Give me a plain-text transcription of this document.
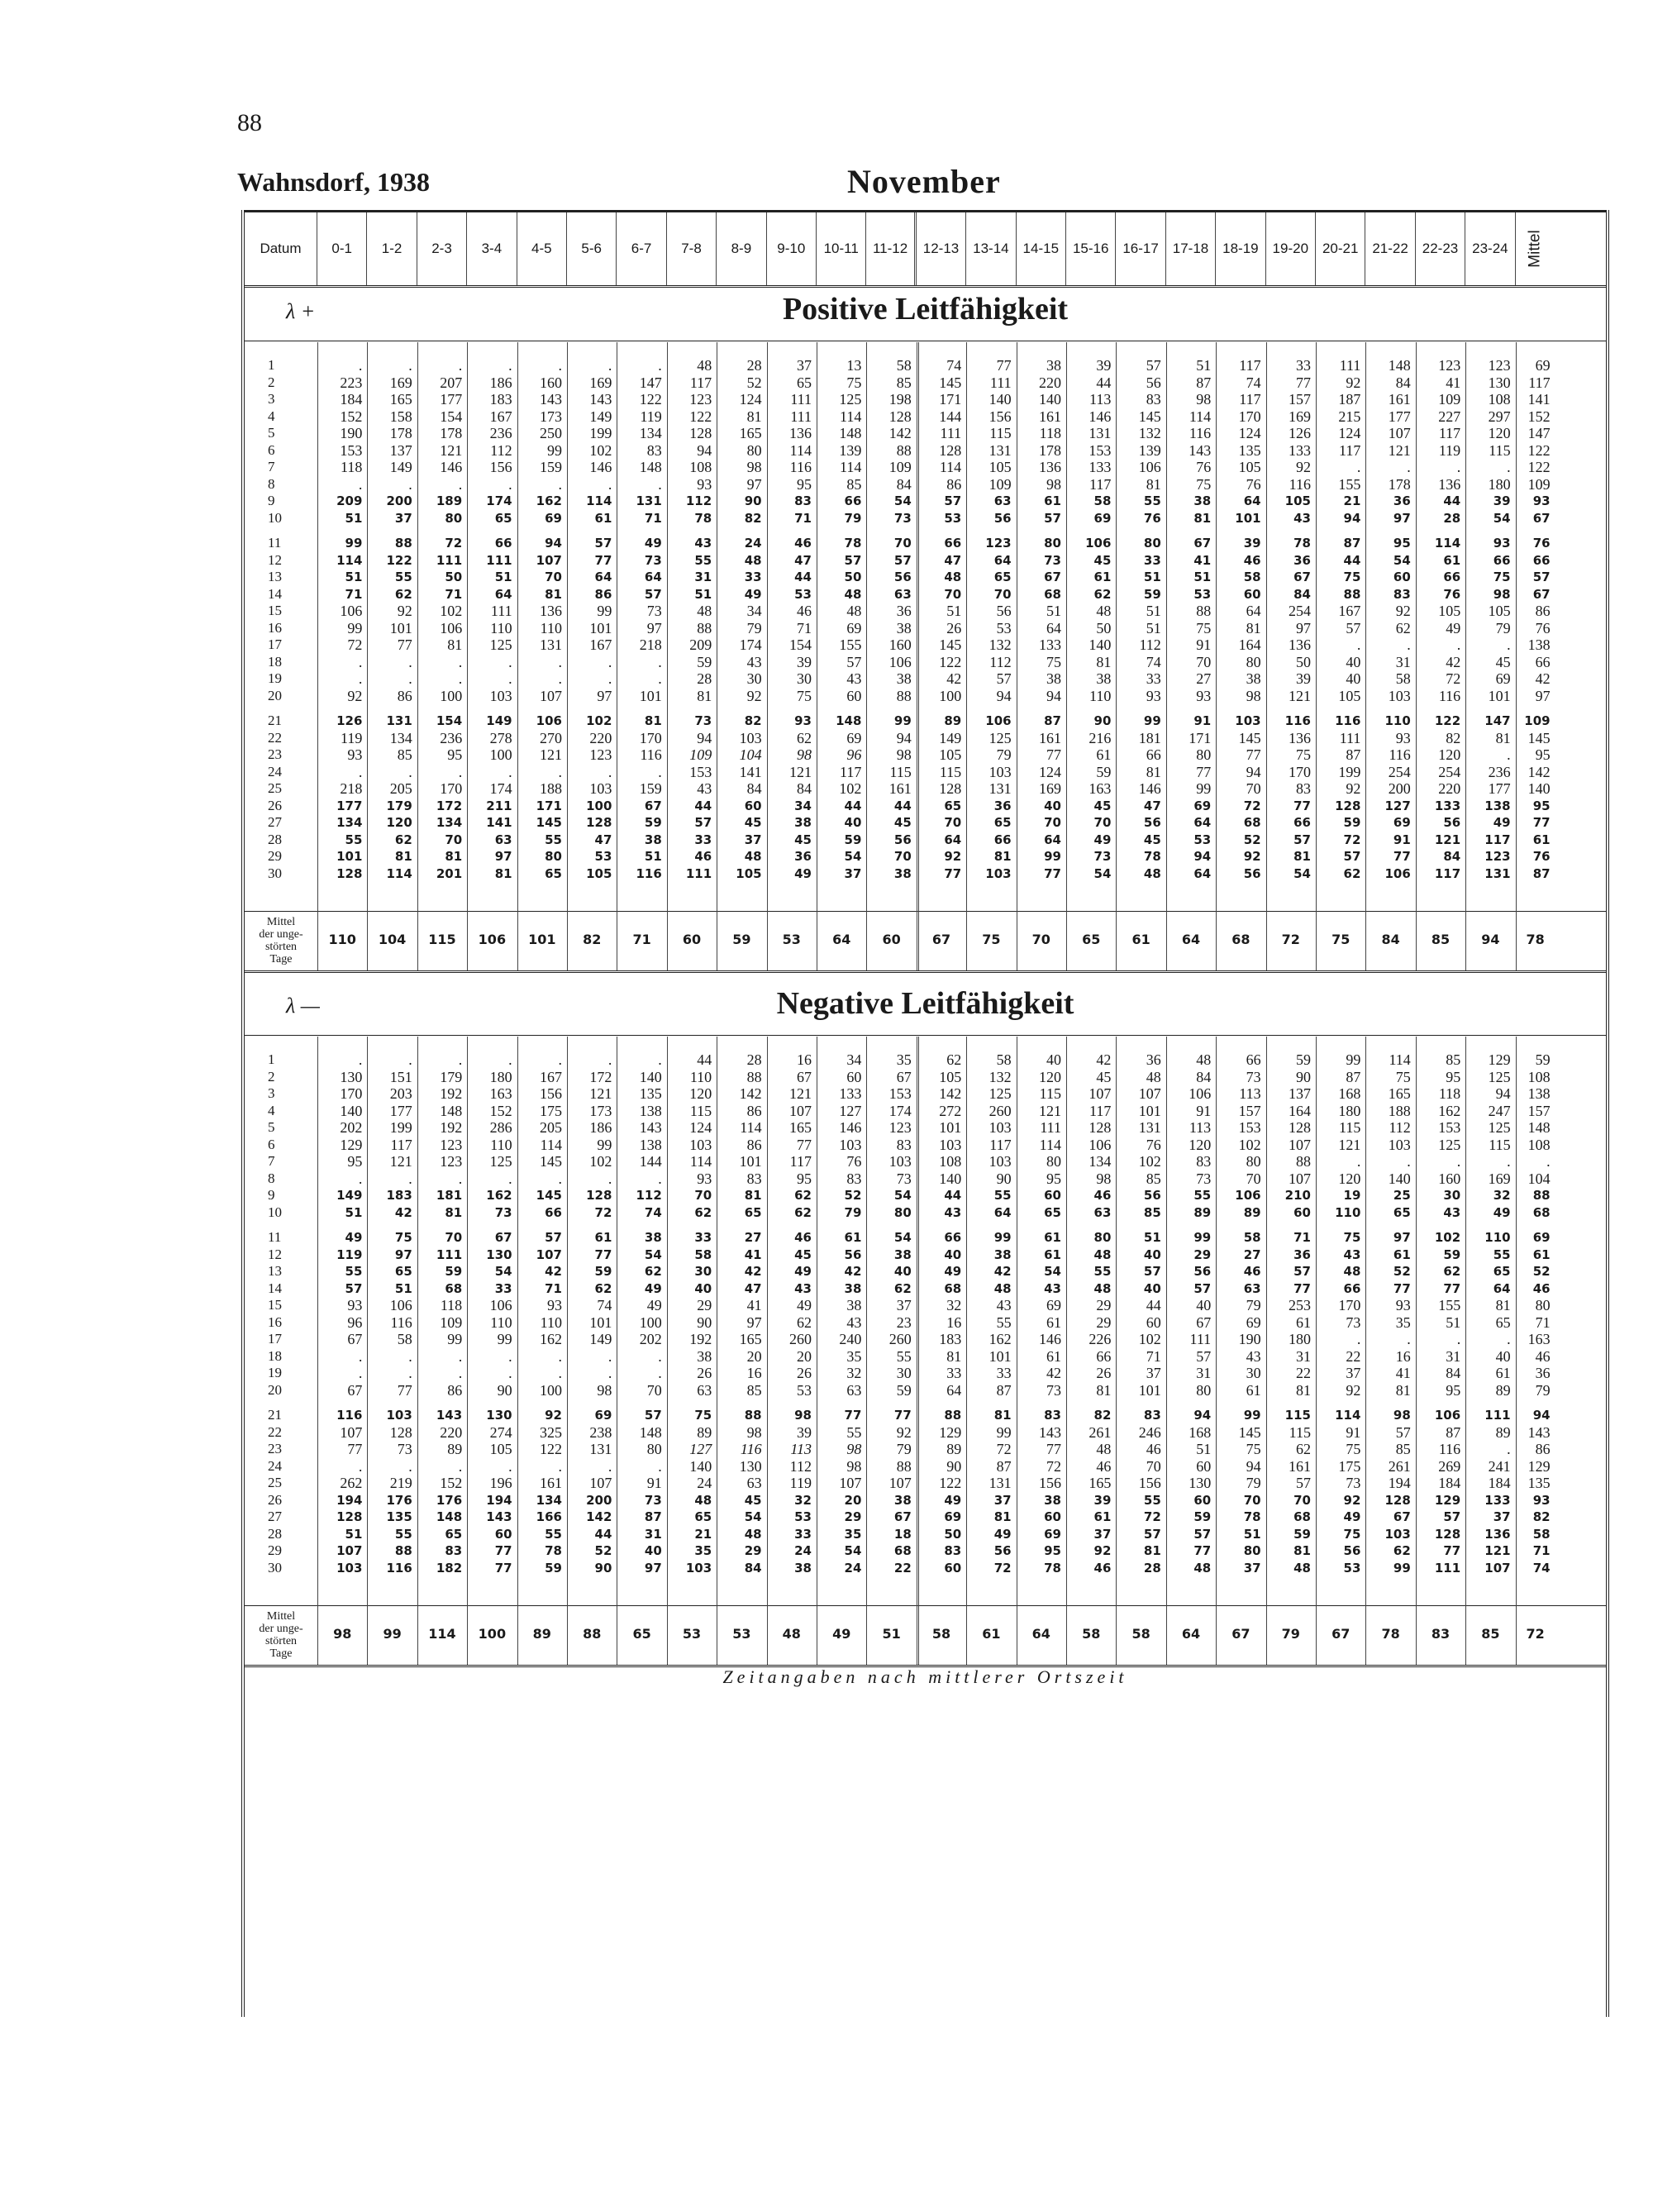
88
Wahnsdorf, 1938	November
Datum	0-1	1-2	2-3	3-4	4-5	5-6	6-7	7-8	8-9	9-10	10-11	11-12	12-13 13-14 14-15 15-16 16-17 17-18 18-19 19-20 20-21 21-22 22-23 23-24	Mittel
λ +	Positive Leitfähigkeit
1	.	.	.	.	.	.	.	48	28	37	13	58	74	77	38	39	57	51	117	33	111	148	123	123	69
2	223	169	207	186	160	169	147	117	52	65	75	85	145	111	220	44	56	87	74	77	92	84	41	130	117
3	184	165	177	183	143	143	122	123	124	111	125	198	171	140	140	113	83	98	117	157	187	161	109	108	141
4	152	158	154	167	173	149	119	122	81	111	114	128	144	156	161	146	145	114	170	169	215	177	227	297	152
5	190	178	178	236	250	199	134	128	165	136	148	142	111	115	118	131	132	116	124	126	124	107	117	120	147
6	153	137	121	112	99	102	83	94	80	114	139	88	128	131	178	153	139	143	135	133	117	121	119	115	122
7	118	149	146	156	159	146	148	108	98	116	114	109	114	105	136	133	106	76	105	92	.	.	.	.	122
8	.	.	.	.	.	.	.	93	97	95	85	84	86	109	98	117	81	75	76	116	155	178	136	180	109
9	209	200	189	174	162	114	131	112	90	83	66	54	57	63	61	58	55	38	64	105	21	36	44	39	93
10	51	37	80	65	69	61	71	78	82	71	79	73	53	56	57	69	76	81	101	43	94	97	28	54	67
11	99	88	72	66	94	57	49	43	24	46	78	70	66	123	80	106	80	67	39	78	87	95	114	93	76
12	114	122	111	111	107	77	73	55	48	47	57	57	47	64	73	45	33	41	46	36	44	54	61	66	66
13	51	55	50	51	70	64	64	31	33	44	50	56	48	65	67	61	51	51	58	67	75	60	66	75	57
14	71	62	71	64	81	86	57	51	49	53	48	63	70	70	68	62	59	53	60	84	88	83	76	98	67
15	106	92	102	111	136	99	73	48	34	46	48	36	51	56	51	48	51	88	64	254	167	92	105	105	86
16	99	101	106	110	110	101	97	88	79	71	69	38	26	53	64	50	51	75	81	97	57	62	49	79	76
17	72	77	81	125	131	167	218	209	174	154	155	160	145	132	133	140	112	91	164	136	.	.	.	.	138
18	.	.	.	.	.	.	.	59	43	39	57	106	122	112	75	81	74	70	80	50	40	31	42	45	66
19	.	.	.	.	.	.	.	28	30	30	43	38	42	57	38	38	33	27	38	39	40	58	72	69	42
20	92	86	100	103	107	97	101	81	92	75	60	88	100	94	94	110	93	93	98	121	105	103	116	101	97
21	126	131	154	149	106	102	81	73	82	93	148	99	89	106	87	90	99	91	103	116	116	110	122	147	109
22	119	134	236	278	270	220	170	94	103	62	69	94	149	125	161	216	181	171	145	136	111	93	82	81	145
23	93	85	95	100	121	123	116	109	104	98	96	98	105	79	77	61	66	80	77	75	87	116	120	.	95
24	.	.	.	.	.	.	.	153	141	121	117	115	115	103	124	59	81	77	94	170	199	254	254	236	142
25	218	205	170	174	188	103	159	43	84	84	102	161	128	131	169	163	146	99	70	83	92	200	220	177	140
26	177	179	172	211	171	100	67	44	60	34	44	44	65	36	40	45	47	69	72	77	128	127	133	138	95
27	134	120	134	141	145	128	59	57	45	38	40	45	70	65	70	70	56	64	68	66	59	69	56	49	77
28	55	62	70	63	55	47	38	33	37	45	59	56	64	66	64	49	45	53	52	57	72	91	121	117	61
29	101	81	81	97	80	53	51	46	48	36	54	70	92	81	99	73	78	94	92	81	57	77	84	123	76
30	128	114	201	81	65	105	116	111	105	49	37	38	77	103	77	54	48	64	56	54	62	106	117	131	87
Mittel
der unge-
störten
Tage
110	104	115	106	101	82	71	60	59	53	64	60	67	75	70	65	61	64	68	72	75	84	85	94	78
λ —	Negative Leitfähigkeit
1	.	.	.	.	.	.	.	44	28	16	34	35	62	58	40	42	36	48	66	59	99	114	85	129	59
2	130	151	179	180	167	172	140	110	88	67	60	67	105	132	120	45	48	84	73	90	87	75	95	125	108
3	170	203	192	163	156	121	135	120	142	121	133	153	142	125	115	107	107	106	113	137	168	165	118	94	138
4	140	177	148	152	175	173	138	115	86	107	127	174	272	260	121	117	101	91	157	164	180	188	162	247	157
5	202	199	192	286	205	186	143	124	114	165	146	123	101	103	111	128	131	113	153	128	115	112	153	125	148
6	129	117	123	110	114	99	138	103	86	77	103	83	103	117	114	106	76	120	102	107	121	103	125	115	108
7	95	121	123	125	145	102	144	114	101	117	76	103	108	103	80	134	102	83	80	88	.	.	.	.	.
8	.	.	.	.	.	.	.	93	83	95	83	73	140	90	95	98	85	73	70	107	120	140	160	169	104
9	149	183	181	162	145	128	112	70	81	62	52	54	44	55	60	46	56	55	106	210	19	25	30	32	88
10	51	42	81	73	66	72	74	62	65	62	79	80	43	64	65	63	85	89	89	60	110	65	43	49	68
11	49	75	70	67	57	61	38	33	27	46	61	54	66	99	61	80	51	99	58	71	75	97	102	110	69
12	119	97	111	130	107	77	54	58	41	45	56	38	40	38	61	48	40	29	27	36	43	61	59	55	61
13	55	65	59	54	42	59	62	30	42	49	42	40	49	42	54	55	57	56	46	57	48	52	62	65	52
14	57	51	68	33	71	62	49	40	47	43	38	62	68	48	43	48	40	57	63	77	66	77	77	64	46
15	93	106	118	106	93	74	49	29	41	49	38	37	32	43	69	29	44	40	79	253	170	93	155	81	80
16	96	116	109	110	110	101	100	90	97	62	43	23	16	55	61	29	60	67	69	61	73	35	51	65	71
17	67	58	99	99	162	149	202	192	165	260	240	260	183	162	146	226	102	111	190	180	.	.	.	.	163
18	.	.	.	.	.	.	.	38	20	20	35	55	81	101	61	66	71	57	43	31	22	16	31	40	46
19	.	.	.	.	.	.	.	26	16	26	32	30	33	33	42	26	37	31	30	22	37	41	84	61	36
20	67	77	86	90	100	98	70	63	85	53	63	59	64	87	73	81	101	80	61	81	92	81	95	89	79
21	116	103	143	130	92	69	57	75	88	98	77	77	88	81	83	82	83	94	99	115	114	98	106	111	94
22	107	128	220	274	325	238	148	89	98	39	55	92	129	99	143	261	246	168	145	115	91	57	87	89	143
23	77	73	89	105	122	131	80	127	116	113	98	79	89	72	77	48	46	51	75	62	75	85	116	.	86
24	.	.	.	.	.	.	.	140	130	112	98	88	90	87	72	46	70	60	94	161	175	261	269	241	129
25	262	219	152	196	161	107	91	24	63	119	107	107	122	131	156	165	156	130	79	57	73	194	184	184	135
26	194	176	176	194	134	200	73	48	45	32	20	38	49	37	38	39	55	60	70	70	92	128	129	133	93
27	128	135	148	143	166	142	87	65	54	53	29	67	69	81	60	61	72	59	78	68	49	67	57	37	82
28	51	55	65	60	55	44	31	21	48	33	35	18	50	49	69	37	57	57	51	59	75	103	128	136	58
29	107	88	83	77	78	52	40	35	29	24	54	68	83	56	95	92	81	77	80	81	56	62	77	121	71
30	103	116	182	77	59	90	97	103	84	38	24	22	60	72	78	46	28	48	37	48	53	99	111	107	74
Mittel
der unge-
störten
Tage
98	99	114	100	89	88	65	53	53	48	49	51	58	61	64	58	58	64	67	79	67	78	83	85	72
Zeitangaben nach mittlerer Ortszeit
